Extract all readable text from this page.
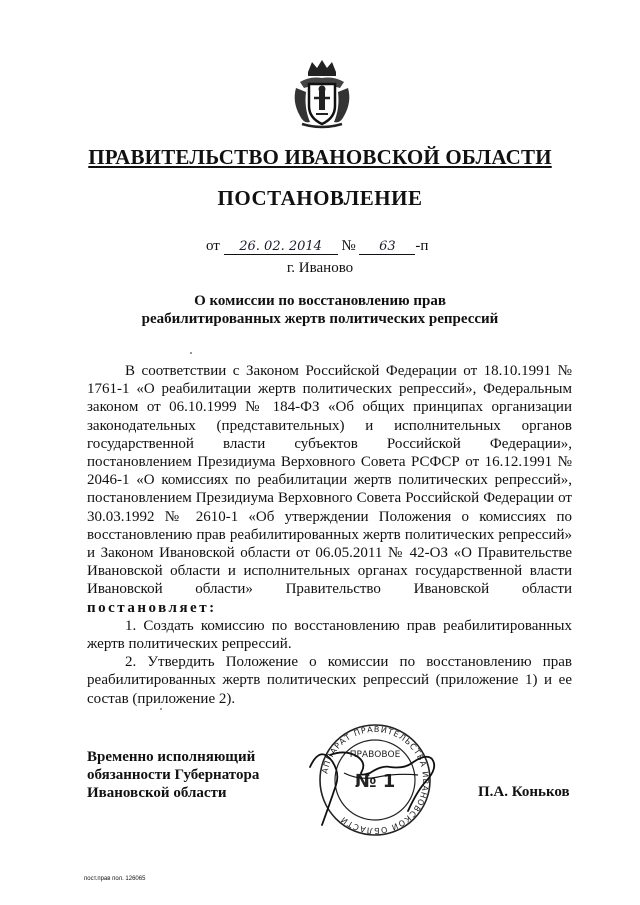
ПРАВИТЕЛЬСТВО ИВАНОВСКОЙ ОБЛАСТИ
ПОСТАНОВЛЕНИЕ
от 26. 02. 2014 № 63 -п
г. Иваново
О комиссии по восстановлению прав
реабилитированных жертв политических репрессий

В соответствии с Законом Российской Федерации от 18.10.1991 № 1761-1 «О реабилитации жертв политических репрессий», Федеральным законом от 06.10.1999 № 184-ФЗ «Об общих принципах организации законодательных (представительных) и исполнительных органов государственной власти субъектов Российской Федерации», постановлением Президиума Верховного Совета РСФСР от 16.12.1991 № 2046-1 «О комиссиях по реабилитации жертв политических репрессий», постановлением Президиума Верховного Совета Российской Федерации от 30.03.1992 № 2610-1 «Об утверждении Положения о комиссиях по восстановлению прав реабилитированных жертв политических репрессий» и Законом Ивановской области от 06.05.2011 № 42-ОЗ «О Правительстве Ивановской области и исполнительных органах государственной власти Ивановской области» Правительство Ивановской области постановляет:

1. Создать комиссию по восстановлению прав реабилитированных жертв политических репрессий.

2. Утвердить Положение о комиссии по восстановлению прав реабилитированных жертв политических репрессий (приложение 1) и ее состав (приложение 2).

Временно исполняющий
обязанности Губернатора
Ивановской области
АППАРАТ ПРАВИТЕЛЬСТВА ИВАНОВСКОЙ ОБЛАСТИ
ПРАВОВОЕ
№ 1	П.А. Коньков
пост.прав пол. 126065
